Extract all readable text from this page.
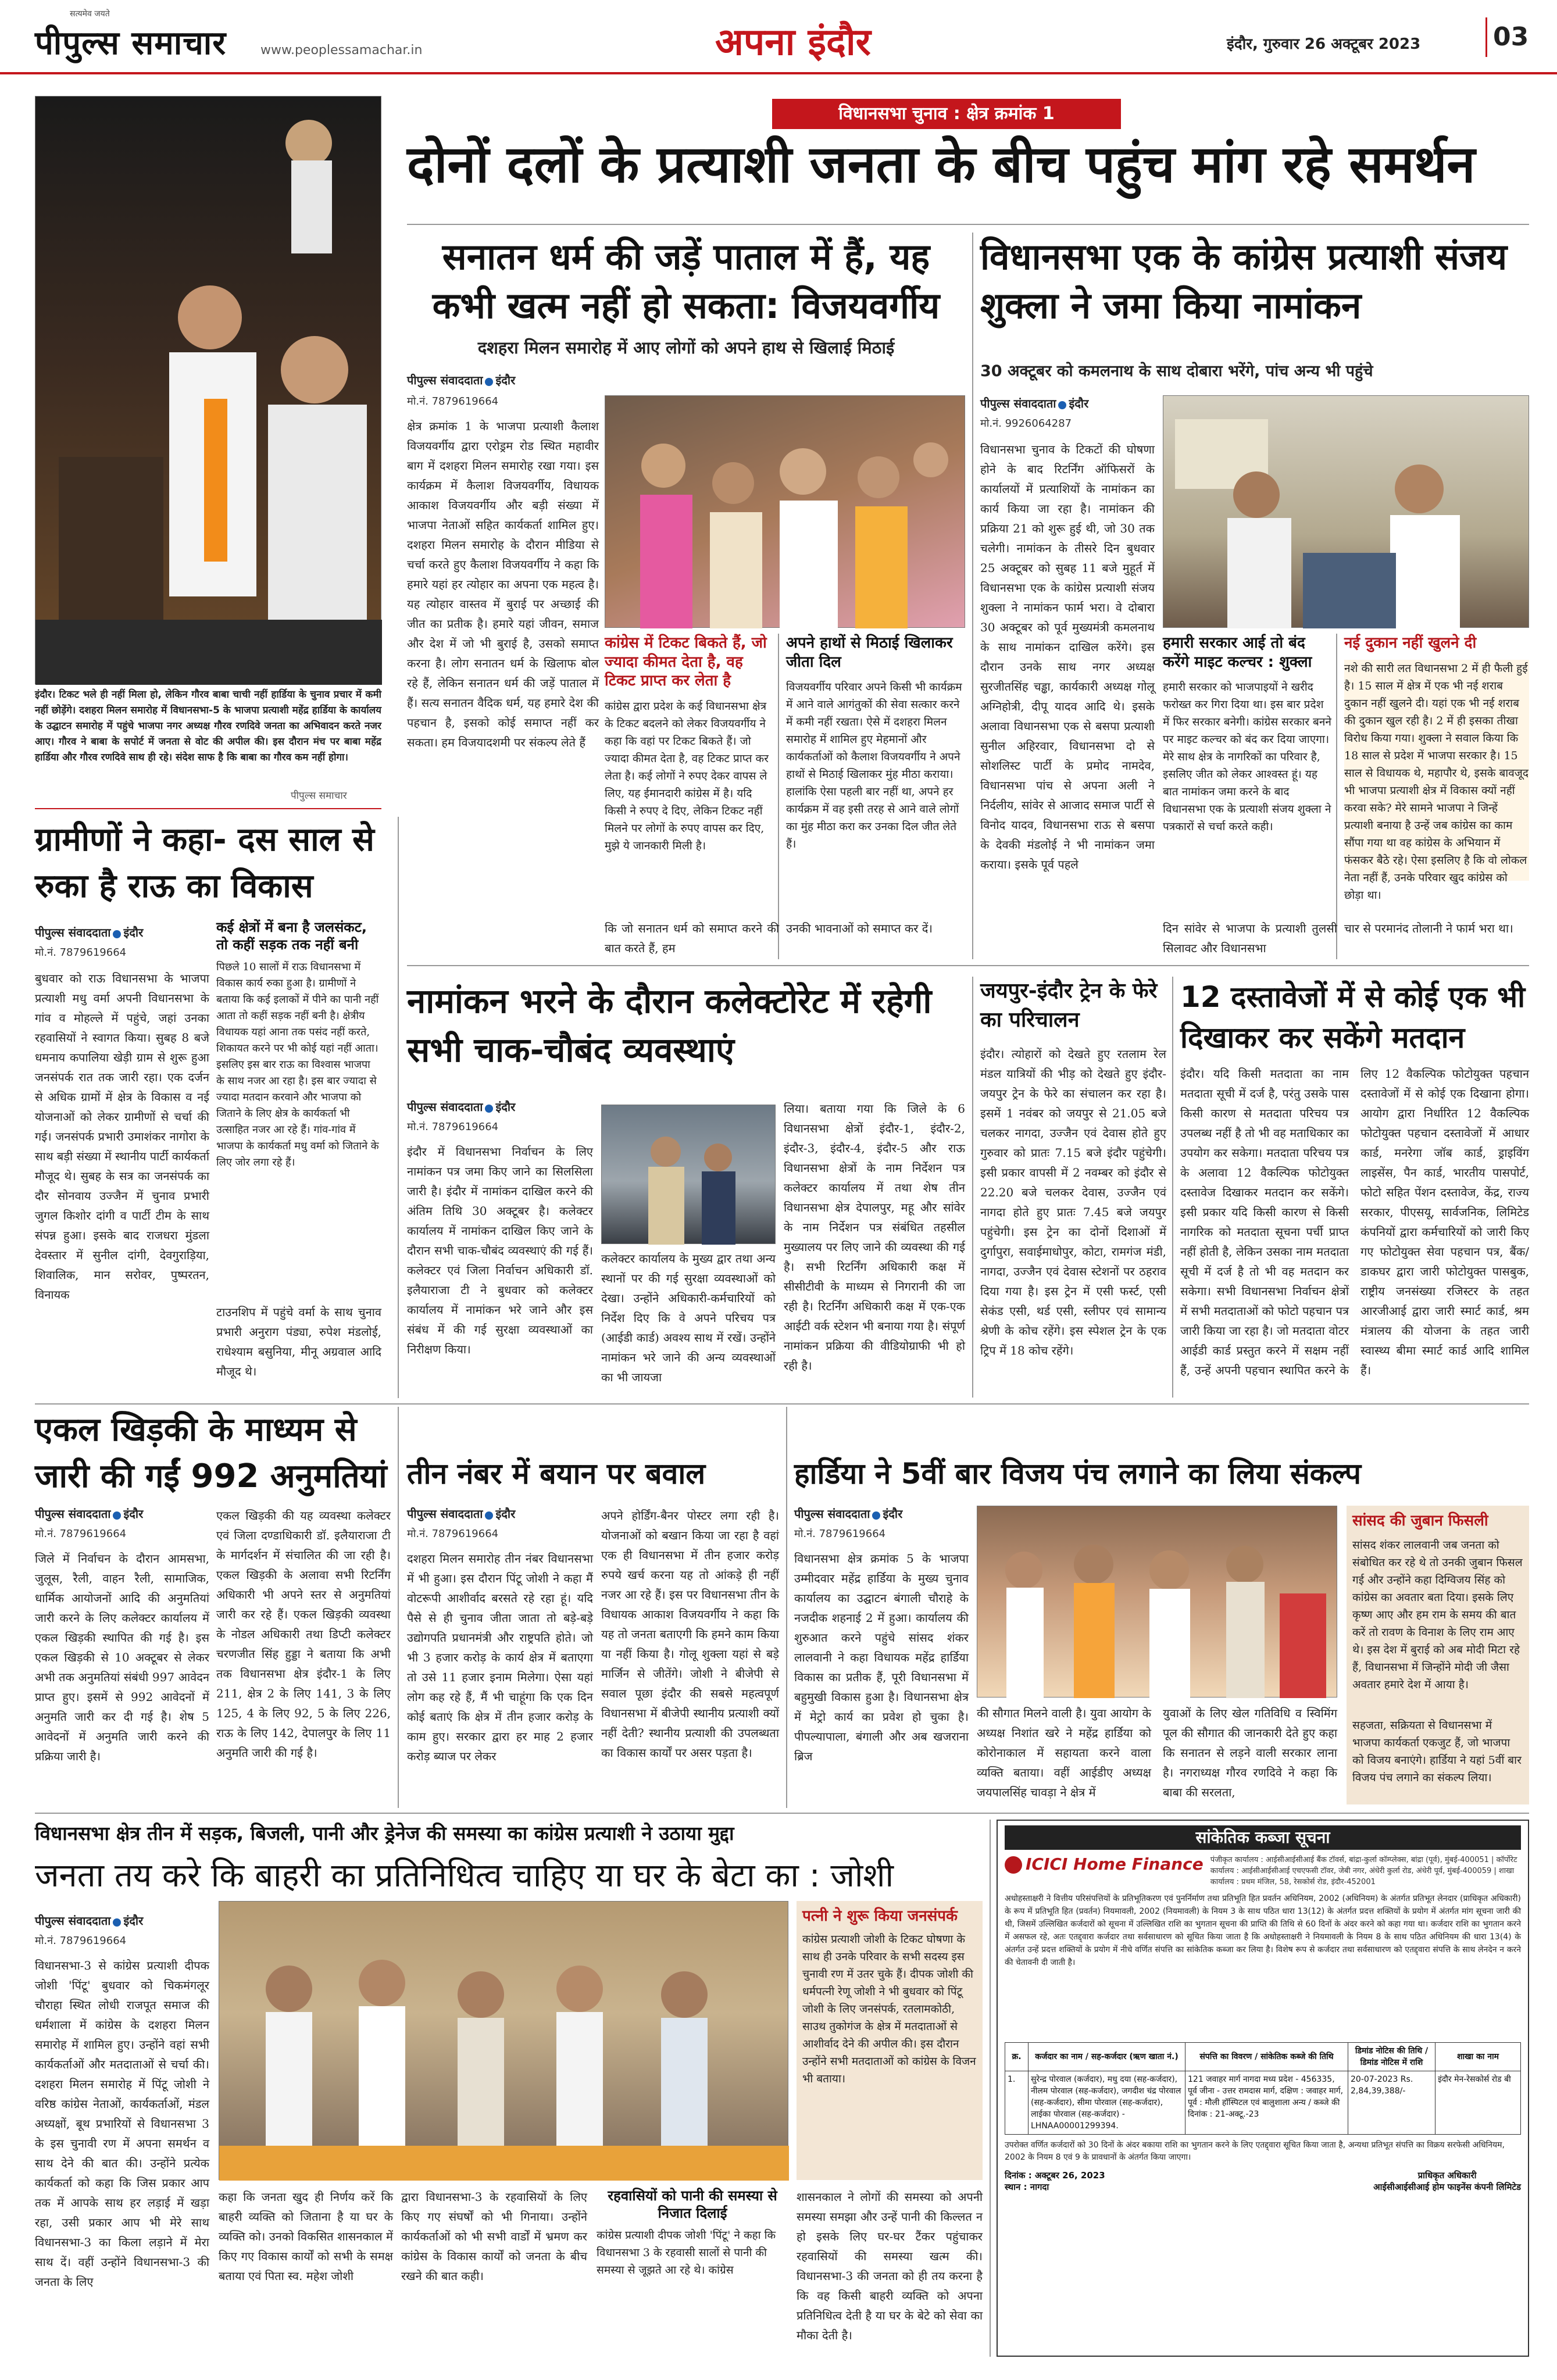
सत्यमेव जयते
पीपुल्स समाचार	www.peoplessamachar.in	अपना इंदौर	इंदौर, गुरुवार 26 अक्टूबर 2023	03
इंदौर। टिकट भले ही नहीं मिला हो, लेकिन गौरव बाबा चाची नहीं हार्डिया के चुनाव प्रचार में कमी नहीं छोड़ेंगे। दशहरा मिलन समारोह में विधानसभा-5 के भाजपा प्रत्याशी महेंद्र हार्डिया के कार्यालय के उद्घाटन समारोह में पहुंचे भाजपा नगर अध्यक्ष गौरव रणदिवे जनता का अभिवादन करते नजर आए। गौरव ने बाबा के सपोर्ट में जनता से वोट की अपील की। इस दौरान मंच पर बाबा महेंद्र हार्डिया और गौरव रणदिवे साथ ही रहे। संदेश साफ है कि बाबा का गौरव कम नहीं होगा।
पीपुल्स समाचार
विधानसभा चुनाव : क्षेत्र क्रमांक 1
दोनों दलों के प्रत्याशी जनता के बीच पहुंच मांग रहे समर्थन
सनातन धर्म की जड़ें पाताल में हैं, यह कभी खत्म नहीं हो सकता: विजयवर्गीय
दशहरा मिलन समारोह में आए लोगों को अपने हाथ से खिलाई मिठाई
पीपुल्स संवाददाता इंदौर
मो.नं. 7879619664
क्षेत्र क्रमांक 1 के भाजपा प्रत्याशी कैलाश विजयवर्गीय द्वारा एरोड्रम रोड स्थित महावीर बाग में दशहरा मिलन समारोह रखा गया। इस कार्यक्रम में कैलाश विजयवर्गीय, विधायक आकाश विजयवर्गीय और बड़ी संख्या में भाजपा नेताओं सहित कार्यकर्ता शामिल हुए। दशहरा मिलन समारोह के दौरान मीडिया से चर्चा करते हुए कैलाश विजयवर्गीय ने कहा कि हमारे यहां हर त्योहार का अपना एक महत्व है। यह त्योहार वास्तव में बुराई पर अच्छाई की जीत का प्रतीक है। हमारे यहां जीवन, समाज और देश में जो भी बुराई है, उसको समाप्त करना है। लोग सनातन धर्म के खिलाफ बोल रहे हैं, लेकिन सनातन धर्म की जड़ें पाताल में हैं। सत्य सनातन वैदिक धर्म, यह हमारे देश की पहचान है, इसको कोई समाप्त नहीं कर सकता। हम विजयादशमी पर संकल्प लेते हैं
कांग्रेस में टिकट बिकते हैं, जो ज्यादा कीमत देता है, वह टिकट प्राप्त कर लेता है
कांग्रेस द्वारा प्रदेश के कई विधानसभा क्षेत्र के टिकट बदलने को लेकर विजयवर्गीय ने कहा कि वहां पर टिकट बिकते हैं। जो ज्यादा कीमत देता है, वह टिकट प्राप्त कर लेता है। कई लोगों ने रुपए देकर वापस ले लिए, यह ईमानदारी कांग्रेस में है। यदि किसी ने रुपए दे दिए, लेकिन टिकट नहीं मिलने पर लोगों के रुपए वापस कर दिए, मुझे ये जानकारी मिली है।
अपने हाथों से मिठाई खिलाकर जीता दिल
विजयवर्गीय परिवार अपने किसी भी कार्यक्रम में आने वाले आगंतुकों की सेवा सत्कार करने में कमी नहीं रखता। ऐसे में दशहरा मिलन समारोह में शामिल हुए मेहमानों और कार्यकर्ताओं को कैलाश विजयवर्गीय ने अपने हाथों से मिठाई खिलाकर मुंह मीठा कराया। हालांकि ऐसा पहली बार नहीं था, अपने हर कार्यक्रम में वह इसी तरह से आने वाले लोगों का मुंह मीठा करा कर उनका दिल जीत लेते हैं।
कि जो सनातन धर्म को समाप्त करने की बात करते हैं, हम
उनकी भावनाओं को समाप्त कर दें।
विधानसभा एक के कांग्रेस प्रत्याशी संजय शुक्ला ने जमा किया नामांकन
30 अक्टूबर को कमलनाथ के साथ दोबारा भरेंगे, पांच अन्य भी पहुंचे
पीपुल्स संवाददाता इंदौर
मो.नं. 9926064287
विधानसभा चुनाव के टिकटों की घोषणा होने के बाद रिटर्निंग ऑफिसरों के कार्यालयों में प्रत्याशियों के नामांकन का कार्य किया जा रहा है। नामांकन की प्रक्रिया 21 को शुरू हुई थी, जो 30 तक चलेगी। नामांकन के तीसरे दिन बुधवार 25 अक्टूबर को सुबह 11 बजे मुहूर्त में विधानसभा एक के कांग्रेस प्रत्याशी संजय शुक्ला ने नामांकन फार्म भरा। वे दोबारा 30 अक्टूबर को पूर्व मुख्यमंत्री कमलनाथ के साथ नामांकन दाखिल करेंगे। इस दौरान उनके साथ नगर अध्यक्ष सुरजीतसिंह चड्ढा, कार्यकारी अध्यक्ष गोलू अग्निहोत्री, दीपू यादव आदि थे। इसके अलावा विधानसभा एक से बसपा प्रत्याशी सुनील अहिरवार, विधानसभा दो से सोशलिस्ट पार्टी के प्रमोद नामदेव, विधानसभा पांच से अपना अली ने निर्दलीय, सांवेर से आजाद समाज पार्टी से विनोद यादव, विधानसभा राऊ से बसपा के देवकी मंडलोई ने भी नामांकन जमा कराया। इसके पूर्व पहले
हमारी सरकार आई तो बंद करेंगे माइट कल्चर : शुक्ला
हमारी सरकार को भाजपाइयों ने खरीद फरोख्त कर गिरा दिया था। इस बार प्रदेश में फिर सरकार बनेगी। कांग्रेस सरकार बनने पर माइट कल्चर को बंद कर दिया जाएगा। मेरे साथ क्षेत्र के नागरिकों का परिवार है, इसलिए जीत को लेकर आश्वस्त हूं। यह बात नामांकन जमा करने के बाद विधानसभा एक के प्रत्याशी संजय शुक्ला ने पत्रकारों से चर्चा करते कही।
नई दुकान नहीं खुलने दी
नशे की सारी लत विधानसभा 2 में ही फैली हुई है। 15 साल में क्षेत्र में एक भी नई शराब दुकान नहीं खुलने दी। यहां एक भी नई शराब की दुकान खुल रही है। 2 में ही इसका तीखा विरोध किया गया। शुक्ला ने सवाल किया कि 18 साल से प्रदेश में भाजपा सरकार है। 15 साल से विधायक थे, महापौर थे, इसके बावजूद भी भाजपा प्रत्याशी क्षेत्र में विकास क्यों नहीं करवा सके? मेरे सामने भाजपा ने जिन्हें प्रत्याशी बनाया है उन्हें जब कांग्रेस का काम सौंपा गया था वह कांग्रेस के अभियान में फंसकर बैठे रहे। ऐसा इसलिए है कि वो लोकल नेता नहीं हैं, उनके परिवार खुद कांग्रेस को छोड़ा था।
दिन सांवेर से भाजपा के प्रत्याशी तुलसी सिलावट और विधानसभा
चार से परमानंद तोलानी ने फार्म भरा था।
ग्रामीणों ने कहा- दस साल से रुका है राऊ का विकास
पीपुल्स संवाददाता इंदौर
मो.नं. 7879619664
बुधवार को राऊ विधानसभा के भाजपा प्रत्याशी मधु वर्मा अपनी विधानसभा के गांव व मोहल्ले में पहुंचे, जहां उनका रहवासियों ने स्वागत किया। सुबह 8 बजे धमनाय कपालिया खेड़ी ग्राम से शुरू हुआ जनसंपर्क रात तक जारी रहा। एक दर्जन से अधिक ग्रामों में क्षेत्र के विकास व नई योजनाओं को लेकर ग्रामीणों से चर्चा की गई। जनसंपर्क प्रभारी उमाशंकर नागोरा के साथ बड़ी संख्या में स्थानीय पार्टी कार्यकर्ता मौजूद थे। सुबह के सत्र का जनसंपर्क का दौर सोनवाय उज्जैन में चुनाव प्रभारी जुगल किशोर दांगी व पार्टी टीम के साथ संपन्न हुआ। इसके बाद राजधरा मुंडला देवस्तार में सुनील दांगी, देवगुराड़िया, शिवालिक, मान सरोवर, पुष्परतन, विनायक
कई क्षेत्रों में बना है जलसंकट, तो कहीं सड़क तक नहीं बनी
पिछले 10 सालों में राऊ विधानसभा में विकास कार्य रुका हुआ है। ग्रामीणों ने बताया कि कई इलाकों में पीने का पानी नहीं आता तो कहीं सड़क नहीं बनी है। क्षेत्रीय विधायक यहां आना तक पसंद नहीं करते, शिकायत करने पर भी कोई यहां नहीं आता। इसलिए इस बार राऊ का विश्वास भाजपा के साथ नजर आ रहा है। इस बार ज्यादा से ज्यादा मतदान करवाने और भाजपा को जिताने के लिए क्षेत्र के कार्यकर्ता भी उत्साहित नजर आ रहे हैं। गांव-गांव में भाजपा के कार्यकर्ता मधु वर्मा को जिताने के लिए जोर लगा रहे हैं।
टाउनशिप में पहुंचे वर्मा के साथ चुनाव प्रभारी अनुराग पंड्या, रुपेश मंडलोई, राधेश्याम बसुनिया, मीनू अग्रवाल आदि मौजूद थे।
नामांकन भरने के दौरान कलेक्टोरेट में रहेगी सभी चाक-चौबंद व्यवस्थाएं
पीपुल्स संवाददाता इंदौर
मो.नं. 7879619664
इंदौर में विधानसभा निर्वाचन के लिए नामांकन पत्र जमा किए जाने का सिलसिला जारी है। इंदौर में नामांकन दाखिल करने की अंतिम तिथि 30 अक्टूबर है। कलेक्टर कार्यालय में नामांकन दाखिल किए जाने के दौरान सभी चाक-चौबंद व्यवस्थाएं की गई हैं। कलेक्टर एवं जिला निर्वाचन अधिकारी डॉ. इलैयाराजा टी ने बुधवार को कलेक्टर कार्यालय में नामांकन भरे जाने और इस संबंध में की गई सुरक्षा व्यवस्थाओं का निरीक्षण किया।
कलेक्टर कार्यालय के मुख्य द्वार तथा अन्य स्थानों पर की गई सुरक्षा व्यवस्थाओं को देखा। उन्होंने अधिकारी-कर्मचारियों को निर्देश दिए कि वे अपने परिचय पत्र (आईडी कार्ड) अवश्य साथ में रखें। उन्होंने नामांकन भरे जाने की अन्य व्यवस्थाओं का भी जायजा
लिया। बताया गया कि जिले के 6 विधानसभा क्षेत्रों इंदौर-1, इंदौर-2, इंदौर-3, इंदौर-4, इंदौर-5 और राऊ विधानसभा क्षेत्रों के नाम निर्देशन पत्र कलेक्टर कार्यालय में तथा शेष तीन विधानसभा क्षेत्र देपालपुर, महू और सांवेर के नाम निर्देशन पत्र संबंधित तहसील मुख्यालय पर लिए जाने की व्यवस्था की गई है। सभी रिटर्निंग अधिकारी कक्ष में सीसीटीवी के माध्यम से निगरानी की जा रही है। रिटर्निंग अधिकारी कक्ष में एक-एक आईटी वर्क स्टेशन भी बनाया गया है। संपूर्ण नामांकन प्रक्रिया की वीडियोग्राफी भी हो रही है।
जयपुर-इंदौर ट्रेन के फेरे का परिचालन
इंदौर। त्योहारों को देखते हुए रतलाम रेल मंडल यात्रियों की भीड़ को देखते हुए इंदौर-जयपुर ट्रेन के फेरे का संचालन कर रहा है। इसमें 1 नवंबर को जयपुर से 21.05 बजे चलकर नागदा, उज्जैन एवं देवास होते हुए गुरुवार को प्रातः 7.15 बजे इंदौर पहुंचेगी। इसी प्रकार वापसी में 2 नवम्बर को इंदौर से 22.20 बजे चलकर देवास, उज्जैन एवं नागदा होते हुए प्रातः 7.45 बजे जयपुर पहुंचेगी। इस ट्रेन का दोनों दिशाओं में दुर्गापुरा, सवाईमाधोपुर, कोटा, रामगंज मंडी, नागदा, उज्जैन एवं देवास स्टेशनों पर ठहराव दिया गया है। इस ट्रेन में एसी फर्स्ट, एसी सेकंड एसी, थर्ड एसी, स्लीपर एवं सामान्य श्रेणी के कोच रहेंगे। इस स्पेशल ट्रेन के एक ट्रिप में 18 कोच रहेंगे।
12 दस्तावेजों में से कोई एक भी दिखाकर कर सकेंगे मतदान
इंदौर। यदि किसी मतदाता का नाम मतदाता सूची में दर्ज है, परंतु उसके पास किसी कारण से मतदाता परिचय पत्र उपलब्ध नहीं है तो भी वह मताधिकार का उपयोग कर सकेगा। मतदाता परिचय पत्र के अलावा 12 वैकल्पिक फोटोयुक्त दस्तावेज दिखाकर मतदान कर सकेंगे। इसी प्रकार यदि किसी कारण से किसी नागरिक को मतदाता सूचना पर्ची प्राप्त नहीं होती है, लेकिन उसका नाम मतदाता सूची में दर्ज है तो भी वह मतदान कर सकेगा। सभी विधानसभा निर्वाचन क्षेत्रों में सभी मतदाताओं को फोटो पहचान पत्र जारी किया जा रहा है। जो मतदाता वोटर आईडी कार्ड प्रस्तुत करने में सक्षम नहीं हैं, उन्हें अपनी पहचान स्थापित करने के लिए 12 वैकल्पिक फोटोयुक्त पहचान दस्तावेजों में से कोई एक दिखाना होगा। आयोग द्वारा निर्धारित 12 वैकल्पिक फोटोयुक्त पहचान दस्तावेजों में आधार कार्ड, मनरेगा जॉब कार्ड, ड्राइविंग लाइसेंस, पैन कार्ड, भारतीय पासपोर्ट, फोटो सहित पेंशन दस्तावेज, केंद्र, राज्य सरकार, पीएसयू, सार्वजनिक, लिमिटेड कंपनियों द्वारा कर्मचारियों को जारी किए गए फोटोयुक्त सेवा पहचान पत्र, बैंक/डाकघर द्वारा जारी फोटोयुक्त पासबुक, राष्ट्रीय जनसंख्या रजिस्टर के तहत आरजीआई द्वारा जारी स्मार्ट कार्ड, श्रम मंत्रालय की योजना के तहत जारी स्वास्थ्य बीमा स्मार्ट कार्ड आदि शामिल हैं।
एकल खिड़की के माध्यम से जारी की गईं 992 अनुमतियां
पीपुल्स संवाददाता इंदौर
मो.नं. 7879619664
जिले में निर्वाचन के दौरान आमसभा, जुलूस, रैली, वाहन रैली, सामाजिक, धार्मिक आयोजनों आदि की अनुमतियां जारी करने के लिए कलेक्टर कार्यालय में एकल खिड़की स्थापित की गई है। इस एकल खिड़की से 10 अक्टूबर से लेकर अभी तक अनुमतियां संबंधी 997 आवेदन प्राप्त हुए। इसमें से 992 आवेदनों में अनुमति जारी कर दी गई है। शेष 5 आवेदनों में अनुमति जारी करने की प्रक्रिया जारी है।
एकल खिड़की की यह व्यवस्था कलेक्टर एवं जिला दण्डाधिकारी डॉ. इलैयाराजा टी के मार्गदर्शन में संचालित की जा रही है। एकल खिड़की के अलावा सभी रिटर्निंग अधिकारी भी अपने स्तर से अनुमतियां जारी कर रहे हैं। एकल खिड़की व्यवस्था के नोडल अधिकारी तथा डिप्टी कलेक्टर चरणजीत सिंह हुड्डा ने बताया कि अभी तक विधानसभा क्षेत्र इंदौर-1 के लिए 211, क्षेत्र 2 के लिए 141, 3 के लिए 125, 4 के लिए 92, 5 के लिए 226, राऊ के लिए 142, देपालपुर के लिए 11 अनुमति जारी की गई है।
तीन नंबर में बयान पर बवाल
पीपुल्स संवाददाता इंदौर
मो.नं. 7879619664
दशहरा मिलन समारोह तीन नंबर विधानसभा में भी हुआ। इस दौरान पिंटू जोशी ने कहा मैं वोटरूपी आशीर्वाद बरसते रहे रहा हूं। यदि पैसे से ही चुनाव जीता जाता तो बड़े-बड़े उद्योगपति प्रधानमंत्री और राष्ट्रपति होते। जो भी 3 हजार करोड़ के कार्य क्षेत्र में बताएगा तो उसे 11 हजार इनाम मिलेगा। ऐसा यहां लोग कह रहे हैं, मैं भी चाहूंगा कि एक दिन कोई बताएं कि क्षेत्र में तीन हजार करोड़ के काम हुए। सरकार द्वारा हर माह 2 हजार करोड़ ब्याज पर लेकर
अपने होर्डिंग-बैनर पोस्टर लगा रही है। योजनाओं को बखान किया जा रहा है वहां एक ही विधानसभा में तीन हजार करोड़ रुपये खर्च करना यह तो आंकड़े ही नहीं नजर आ रहे हैं। इस पर विधानसभा तीन के विधायक आकाश विजयवर्गीय ने कहा कि यह तो जनता बताएगी कि हमने काम किया या नहीं किया है। गोलू शुक्ला यहां से बड़े मार्जिन से जीतेंगे। जोशी ने बीजेपी से सवाल पूछा इंदौर की सबसे महत्वपूर्ण विधानसभा में बीजेपी स्थानीय प्रत्याशी क्यों नहीं देती? स्थानीय प्रत्याशी की उपलब्धता का विकास कार्यों पर असर पड़ता है।
हार्डिया ने 5वीं बार विजय पंच लगाने का लिया संकल्प
पीपुल्स संवाददाता इंदौर
मो.नं. 7879619664
विधानसभा क्षेत्र क्रमांक 5 के भाजपा उम्मीदवार महेंद्र हार्डिया के मुख्य चुनाव कार्यालय का उद्घाटन बंगाली चौराहे के नजदीक शहनाई 2 में हुआ। कार्यालय की शुरुआत करने पहुंचे सांसद शंकर लालवानी ने कहा विधायक महेंद्र हार्डिया विकास का प्रतीक हैं, पूरी विधानसभा में बहुमुखी विकास हुआ है। विधानसभा क्षेत्र में मेट्रो कार्य का प्रवेश हो चुका है। पीपल्यापाला, बंगाली और अब खजराना ब्रिज
की सौगात मिलने वाली है। युवा आयोग के अध्यक्ष निशांत खरे ने महेंद्र हार्डिया को कोरोनाकाल में सहायता करने वाला व्यक्ति बताया। वहीं आईडीए अध्यक्ष जयपालसिंह चावड़ा ने क्षेत्र में
युवाओं के लिए खेल गतिविधि व स्विमिंग पूल की सौगात की जानकारी देते हुए कहा कि सनातन से लड़ने वाली सरकार लाना है। नगराध्यक्ष गौरव रणदिवे ने कहा कि बाबा की सरलता,
सांसद की जुबान फिसली
सांसद शंकर लालवानी जब जनता को संबोधित कर रहे थे तो उनकी जुबान फिसल गई और उन्होंने कहा दिग्विजय सिंह को कांग्रेस का अवतार बता दिया। इसके लिए कृष्ण आए और हम राम के समय की बात करें तो रावण के विनाश के लिए राम आए थे। इस देश में बुराई को अब मोदी मिटा रहे हैं, विधानसभा में जिन्होंने मोदी जी जैसा अवतार हमारे देश में आया है।
सहजता, सक्रियता से विधानसभा में भाजपा कार्यकर्ता एकजुट हैं, जो भाजपा को विजय बनाएंगे। हार्डिया ने यहां 5वीं बार विजय पंच लगाने का संकल्प लिया।
विधानसभा क्षेत्र तीन में सड़क, बिजली, पानी और ड्रेनेज की समस्या का कांग्रेस प्रत्याशी ने उठाया मुद्दा
जनता तय करे कि बाहरी का प्रतिनिधित्व चाहिए या घर के बेटा का : जोशी
पीपुल्स संवाददाता इंदौर
मो.नं. 7879619664
विधानसभा-3 से कांग्रेस प्रत्याशी दीपक जोशी 'पिंटू' बुधवार को चिकमंगलूर चौराहा स्थित लोधी राजपूत समाज की धर्मशाला में कांग्रेस के दशहरा मिलन समारोह में शामिल हुए। उन्होंने वहां सभी कार्यकर्ताओं और मतदाताओं से चर्चा की। दशहरा मिलन समारोह में पिंटू जोशी ने वरिष्ठ कांग्रेस नेताओं, कार्यकर्ताओं, मंडल अध्यक्षों, बूथ प्रभारियों से विधानसभा 3 के इस चुनावी रण में अपना समर्थन व साथ देने की बात की। उन्होंने प्रत्येक कार्यकर्ता को कहा कि जिस प्रकार आप तक में आपके साथ हर लड़ाई में खड़ा रहा, उसी प्रकार आप भी मेरे साथ विधानसभा-3 का किला लड़ाने में मेरा साथ दें। वहीं उन्होंने विधानसभा-3 की जनता के लिए
कहा कि जनता खुद ही निर्णय करें कि बाहरी व्यक्ति को जिताना है या घर के व्यक्ति को। उनको विकसित शासनकाल में किए गए विकास कार्यों को सभी के समक्ष बताया एवं पिता स्व. महेश जोशी
द्वारा विधानसभा-3 के रहवासियों के लिए किए गए संघर्षों को भी गिनाया। उन्होंने कार्यकर्ताओं को भी सभी वार्डों में भ्रमण कर कांग्रेस के विकास कार्यों को जनता के बीच रखने की बात कही।
रहवासियों को पानी की समस्या से निजात दिलाई
कांग्रेस प्रत्याशी दीपक जोशी 'पिंटू' ने कहा कि विधानसभा 3 के रहवासी सालों से पानी की समस्या से जूझते आ रहे थे। कांग्रेस
पत्नी ने शुरू किया जनसंपर्क
कांग्रेस प्रत्याशी जोशी के टिकट घोषणा के साथ ही उनके परिवार के सभी सदस्य इस चुनावी रण में उतर चुके हैं। दीपक जोशी की धर्मपत्नी रेणू जोशी ने भी बुधवार को पिंटू जोशी के लिए जनसंपर्क, रतलामकोठी, साउथ तुकोगंज के क्षेत्र में मतदाताओं से आशीर्वाद देने की अपील की। इस दौरान उन्होंने सभी मतदाताओं को कांग्रेस के विजन भी बताया।
शासनकाल ने लोगों की समस्या को अपनी समस्या समझा और उन्हें पानी की किल्लत न हो इसके लिए घर-घर टैंकर पहुंचाकर रहवासियों की समस्या खत्म की। विधानसभा-3 की जनता को ही तय करना है कि वह किसी बाहरी व्यक्ति को अपना प्रतिनिधित्व देती है या घर के बेटे को सेवा का मौका देती है।
सांकेतिक कब्जा सूचना
ICICI Home Finance पंजीकृत कार्यालय : आईसीआईसीआई बैंक टॉवर्स, बांद्रा-कुर्ला कॉम्प्लेक्स, बांद्रा (पूर्व), मुंबई-400051 | कॉर्पोरेट कार्यालय : आईसीआईसीआई एचएफसी टॉवर, जेबी नगर, अंधेरी कुर्ला रोड, अंधेरी पूर्व, मुंबई-400059 | शाखा कार्यालय : प्रथम मंजिल, 58, रेसकोर्स रोड, इंदौर-452001
अधोहस्ताक्षरी ने वित्तीय परिसंपत्तियों के प्रतिभूतिकरण एवं पुनर्निर्माण तथा प्रतिभूति हित प्रवर्तन अधिनियम, 2002 (अधिनियम) के अंतर्गत प्रतिभूत लेनदार (प्राधिकृत अधिकारी) के रूप में प्रतिभूति हित (प्रवर्तन) नियमावली, 2002 (नियमावली) के नियम 3 के साथ पठित धारा 13(12) के अंतर्गत प्रदत्त शक्तियों के प्रयोग में अंतर्गत मांग सूचना जारी की थी, जिसमें उल्लिखित कर्जदारों को सूचना में उल्लिखित राशि का भुगतान सूचना की प्राप्ति की तिथि से 60 दिनों के अंदर करने को कहा गया था। कर्जदार राशि का भुगतान करने में असफल रहे, अतः एतद्द्वारा कर्जदार तथा सर्वसाधारण को सूचित किया जाता है कि अधोहस्ताक्षरी ने नियमावली के नियम 8 के साथ पठित अधिनियम की धारा 13(4) के अंतर्गत उन्हें प्रदत्त शक्तियों के प्रयोग में नीचे वर्णित संपत्ति का सांकेतिक कब्जा कर लिया है। विशेष रूप से कर्जदार तथा सर्वसाधारण को एतद्द्वारा संपत्ति के साथ लेनदेन न करने की चेतावनी दी जाती है।
क्र.	कर्जदार का नाम / सह-कर्जदार (ऋण खाता नं.)	संपत्ति का विवरण / सांकेतिक कब्जे की तिथि	डिमांड नोटिस की तिथि / डिमांड नोटिस में राशि	शाखा का नाम
1.	सुरेन्द्र पोरवाल (कर्जदार), मधु दया (सह-कर्जदार), नीलम पोरवाल (सह-कर्जदार), जगदीश चंद्र पोरवाल (सह-कर्जदार), सीमा पोरवाल (सह-कर्जदार), लाईका पोरवाल (सह-कर्जदार) - LHNAA00001299394.	121 जवाहर मार्ग नागदा मध्य प्रदेश - 456335, पूर्व जीना - उत्तर रामदास मार्ग, दक्षिण : जवाहर मार्ग, पूर्व : मौली हॉस्पिटल एवं बालुशाला अन्य / कब्जे की दिनांक : 21-अक्टू.-23	20-07-2023 Rs. 2,84,39,388/-	इंदौर मेन-रेसकोर्स रोड बी
उपरोक्त वर्णित कर्जदारों को 30 दिनों के अंदर बकाया राशि का भुगतान करने के लिए एतद्द्वारा सूचित किया जाता है, अन्यथा प्रतिभूत संपत्ति का विक्रय सरफेसी अधिनियम, 2002 के नियम 8 एवं 9 के प्रावधानों के अंतर्गत किया जाएगा।
दिनांक : अक्टूबर 26, 2023
स्थान : नागदा
प्राधिकृत अधिकारी
आईसीआईसीआई होम फाइनेंस कंपनी लिमिटेड
